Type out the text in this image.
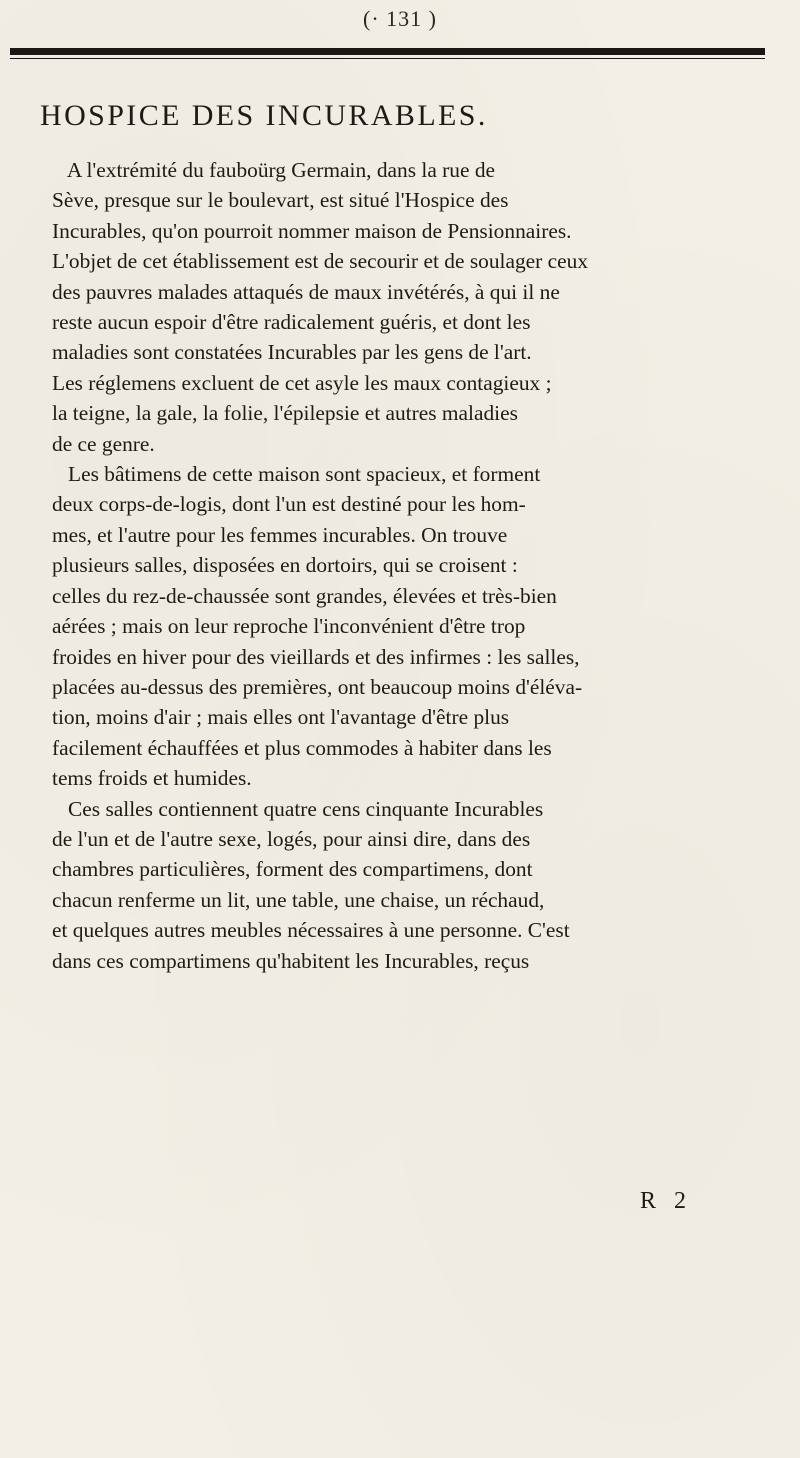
(· 131 )
HOSPICE DES INCURABLES.
A l'extrémité du fauboürg Germain, dans la rue de
Sève, presque sur le boulevart, est situé l'Hospice des
Incurables, qu'on pourroit nommer maison de Pensionnaires.
L'objet de cet établissement est de secourir et de soulager ceux
des pauvres malades attaqués de maux invétérés, à qui il ne
reste aucun espoir d'être radicalement guéris, et dont les
maladies sont constatées Incurables par les gens de l'art.
Les réglemens excluent de cet asyle les maux contagieux ;
la teigne, la gale, la folie, l'épilepsie et autres maladies
de ce genre.
Les bâtimens de cette maison sont spacieux, et forment
deux corps-de-logis, dont l'un est destiné pour les hom-
mes, et l'autre pour les femmes incurables. On trouve
plusieurs salles, disposées en dortoirs, qui se croisent :
celles du rez-de-chaussée sont grandes, élevées et très-bien
aérées ; mais on leur reproche l'inconvénient d'être trop
froides en hiver pour des vieillards et des infirmes : les salles,
placées au-dessus des premières, ont beaucoup moins d'éléva-
tion, moins d'air ; mais elles ont l'avantage d'être plus
facilement échauffées et plus commodes à habiter dans les
tems froids et humides.
Ces salles contiennent quatre cens cinquante Incurables
de l'un et de l'autre sexe, logés, pour ainsi dire, dans des
chambres particulières, forment des compartimens, dont
chacun renferme un lit, une table, une chaise, un réchaud,
et quelques autres meubles nécessaires à une personne. C'est
dans ces compartimens qu'habitent les Incurables, reçus
R 2
